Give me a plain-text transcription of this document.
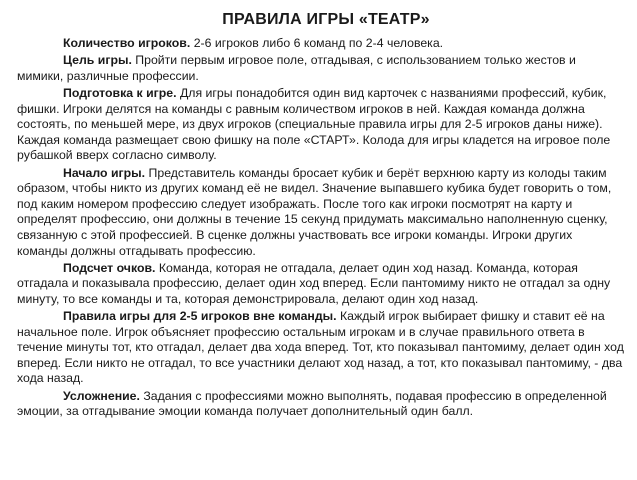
ПРАВИЛА ИГРЫ «ТЕАТР»

Количество игроков. 2-6 игроков либо 6 команд по 2-4 человека.

Цель игры. Пройти первым игровое поле, отгадывая, с использованием только жестов и мимики, различные профессии.

Подготовка к игре. Для игры понадобится один вид карточек с названиями профессий, кубик, фишки. Игроки делятся на команды с равным количеством игроков в ней. Каждая команда должна состоять, по меньшей мере, из двух игроков (специальные правила игры для 2-5 игроков даны ниже). Каждая команда размещает свою фишку на поле «СТАРТ». Колода для игры кладется на игровое поле рубашкой вверх согласно символу.

Начало игры. Представитель команды бросает кубик и берёт верхнюю карту из колоды таким образом, чтобы никто из других команд её не видел. Значение выпавшего кубика будет говорить о том, под каким номером профессию следует изображать. После того как игроки посмотрят на карту и определят профессию, они должны в течение 15 секунд придумать максимально наполненную сценку, связанную с этой профессией. В сценке должны участвовать все игроки команды. Игроки других команды должны отгадывать профессию.

Подсчет очков. Команда, которая не отгадала, делает один ход назад. Команда, которая отгадала и показывала профессию, делает один ход вперед. Если пантомиму никто не отгадал за одну минуту, то все команды и та, которая демонстрировала, делают один ход назад.

Правила игры для 2-5 игроков вне команды. Каждый игрок выбирает фишку и ставит её на начальное поле. Игрок объясняет профессию остальным игрокам и в случае правильного ответа в течение минуты тот, кто отгадал, делает два хода вперед. Тот, кто показывал пантомиму, делает один ход вперед. Если никто не отгадал, то все участники делают ход назад, а тот, кто показывал пантомиму, - два хода назад.

Усложнение. Задания с профессиями можно выполнять, подавая профессию в определенной эмоции, за отгадывание эмоции команда получает дополнительный один балл.
